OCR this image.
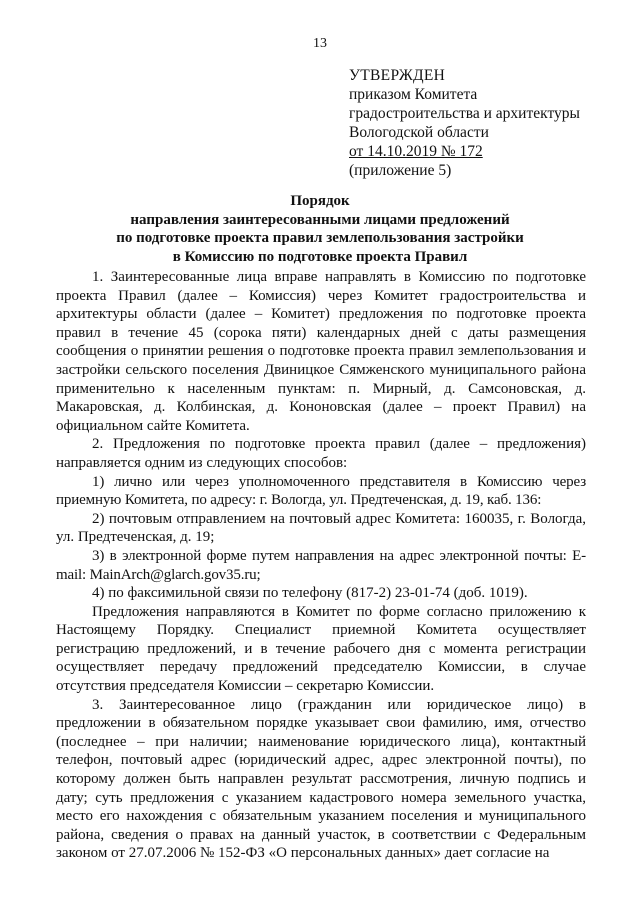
13
УТВЕРЖДЕН
приказом Комитета
градостроительства и архитектуры
Вологодской области
от 14.10.2019 № 172
(приложение 5)
Порядок
направления заинтересованными лицами предложений
по подготовке проекта правил землепользования застройки
в Комиссию по подготовке проекта Правил

1. Заинтересованные лица вправе направлять в Комиссию по подготовке проекта Правил (далее – Комиссия) через Комитет градостроительства и архитектуры области (далее – Комитет) предложения по подготовке проекта правил в течение 45 (сорока пяти) календарных дней с даты размещения сообщения о принятии решения о подготовке проекта правил землепользования и застройки сельского поселения Двиницкое Сямженского муниципального района применительно к населенным пунктам: п. Мирный, д. Самсоновская, д. Макаровская, д. Колбинская, д. Кононовская (далее – проект Правил) на официальном сайте Комитета.

2. Предложения по подготовке проекта правил (далее – предложения) направляется одним из следующих способов:

1) лично или через уполномоченного представителя в Комиссию через приемную Комитета, по адресу: г. Вологда, ул. Предтеченская, д. 19, каб. 136:

2) почтовым отправлением на почтовый адрес Комитета: 160035, г. Вологда, ул. Предтеченская, д. 19;

3) в электронной форме путем направления на адрес электронной почты: E-mail: MainArch@glarch.gov35.ru;

4) по факсимильной связи по телефону (817-2) 23-01-74 (доб. 1019).

Предложения направляются в Комитет по форме согласно приложению к Настоящему Порядку. Специалист приемной Комитета осуществляет регистрацию предложений, и в течение рабочего дня с момента регистрации осуществляет передачу предложений председателю Комиссии, в случае отсутствия председателя Комиссии – секретарю Комиссии.

3. Заинтересованное лицо (гражданин или юридическое лицо) в предложении в обязательном порядке указывает свои фамилию, имя, отчество (последнее – при наличии; наименование юридического лица), контактный телефон, почтовый адрес (юридический адрес, адрес электронной почты), по которому должен быть направлен результат рассмотрения, личную подпись и дату; суть предложения с указанием кадастрового номера земельного участка, место его нахождения с обязательным указанием поселения и муниципального района, сведения о правах на данный участок, в соответствии с Федеральным законом от 27.07.2006 № 152-ФЗ «О персональных данных» дает согласие на
